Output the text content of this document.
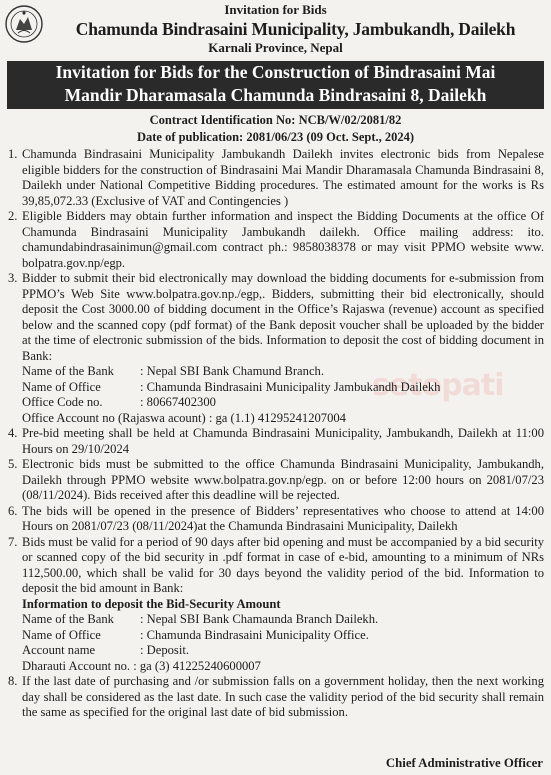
Invitation for Bids
Chamunda Bindrasaini Municipality, Jambukandh, Dailekh
Karnali Province, Nepal
Invitation for Bids for the Construction of Bindrasaini Mai
Mandir Dharamasala Chamunda Bindrasaini 8, Dailekh
Contract Identification No: NCB/W/02/2081/82
Date of publication: 2081/06/23 (09 Oct. Sept., 2024)
setopati
1. Chamunda Bindrasaini Municipality Jambukandh Dailekh invites electronic bids from Nepalese eligible bidders for the construction of Bindrasaini Mai Mandir Dharamasala Chamunda Bindrasaini 8, Dailekh under National Competitive Bidding procedures. The estimated amount for the works is Rs 39,85,072.33 (Exclusive of VAT and Contingencies )
2. Eligible Bidders may obtain further information and inspect the Bidding Documents at the office Of Chamunda Bindrasaini Municipality Jambukandh dailekh. Office mailing address: ito. chamundabindrasainimun@gmail.com contract ph.: 9858038378 or may visit PPMO website www. bolpatra.gov.np/egp.
3. Bidder to submit their bid electronically may download the bidding documents for e-submission from PPMO’s Web Site www.bolpatra.gov.np./egp,. Bidders, submitting their bid electronically, should deposit the Cost 3000.00 of bidding document in the Office’s Rajaswa (revenue) account as specified below and the scanned copy (pdf format) of the Bank deposit voucher shall be uploaded by the bidder at the time of electronic submission of the bids. Information to deposit the cost of bidding document in Bank:
Name of the Bank	: Nepal SBI Bank Chamund Branch.
Name of Office	: Chamunda Bindrasaini Municipality Jambukandh Dailekh
Office Code no.	: 80667402300
Office Account no (Rajaswa acount) : ga (1.1) 41295241207004
4. Pre-bid meeting shall be held at Chamunda Bindrasaini Municipality, Jambukandh, Dailekh at 11:00 Hours on 29/10/2024
5. Electronic bids must be submitted to the office Chamunda Bindrasaini Municipality, Jambukandh, Dailekh through PPMO website www.bolpatra.gov.np/egp. on or before 12:00 hours on 2081/07/23 (08/11/2024). Bids received after this deadline will be rejected.
6. The bids will be opened in the presence of Bidders’ representatives who choose to attend at 14:00 Hours on 2081/07/23 (08/11/2024)at the Chamunda Bindrasaini Municipality, Dailekh
7. Bids must be valid for a period of 90 days after bid opening and must be accompanied by a bid security or scanned copy of the bid security in .pdf format in case of e-bid, amounting to a minimum of NRs 112,500.00, which shall be valid for 30 days beyond the validity period of the bid. Information to deposit the bid amount in Bank:
Information to deposit the Bid-Security Amount
Name of the Bank	: Nepal SBI Bank Chamaunda Branch Dailekh.
Name of Office	: Chamunda Bindrasaini Municipality Office.
Account name	: Deposit.
Dharauti Account no. : ga (3) 41225240600007
8. If the last date of purchasing and /or submission falls on a government holiday, then the next working day shall be considered as the last date. In such case the validity period of the bid security shall remain the same as specified for the original last date of bid submission.
Chief Administrative Officer
